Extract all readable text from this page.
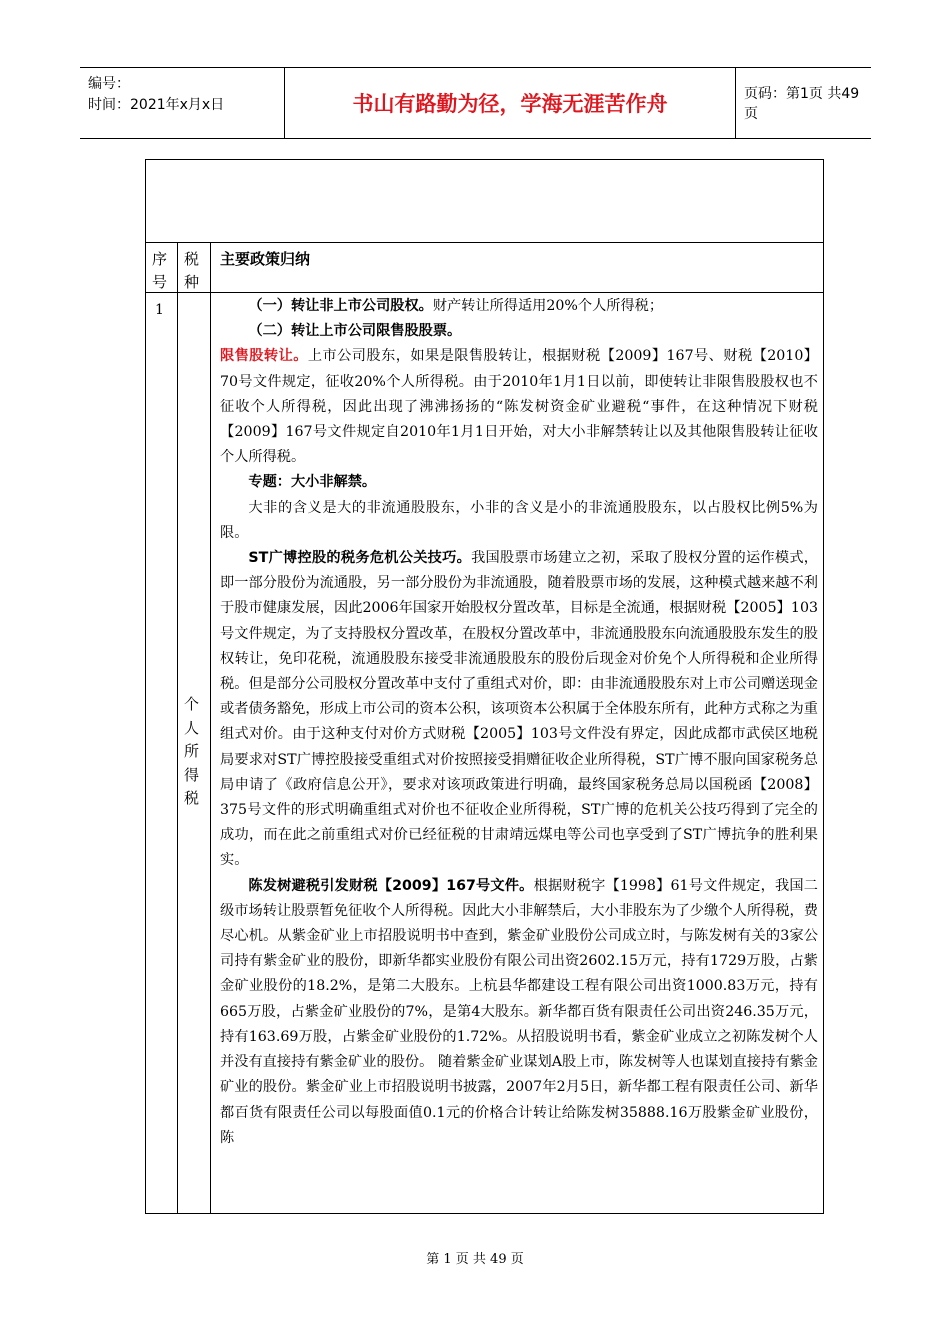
编号：
时间：2021年x月x日	书山有路勤为径，学海无涯苦作舟	页码：第1页 共49页
序号
税种
主要政策归纳
1
个人所得税

（一）转让非上市公司股权。财产转让所得适用20%个人所得税；

（二）转让上市公司限售股股票。

限售股转让。上市公司股东，如果是限售股转让，根据财税【2009】167号、财税【2010】70号文件规定，征收20%个人所得税。由于2010年1月1日以前，即使转让非限售股股权也不征收个人所得税，因此出现了沸沸扬扬的“陈发树资金矿业避税“事件，在这种情况下财税【2009】167号文件规定自2010年1月1日开始，对大小非解禁转让以及其他限售股转让征收个人所得税。

专题：大小非解禁。

大非的含义是大的非流通股股东，小非的含义是小的非流通股股东，以占股权比例5%为限。

ST广博控股的税务危机公关技巧。我国股票市场建立之初，采取了股权分置的运作模式，即一部分股份为流通股，另一部分股份为非流通股，随着股票市场的发展，这种模式越来越不利于股市健康发展，因此2006年国家开始股权分置改革，目标是全流通，根据财税【2005】103号文件规定，为了支持股权分置改革，在股权分置改革中，非流通股股东向流通股股东发生的股权转让，免印花税，流通股股东接受非流通股股东的股份后现金对价免个人所得税和企业所得税。但是部分公司股权分置改革中支付了重组式对价，即：由非流通股股东对上市公司赠送现金或者债务豁免，形成上市公司的资本公积，该项资本公积属于全体股东所有，此种方式称之为重组式对价。由于这种支付对价方式财税【2005】103号文件没有界定，因此成都市武侯区地税局要求对ST广博控股接受重组式对价按照接受捐赠征收企业所得税，ST广博不服向国家税务总局申请了《政府信息公开》，要求对该项政策进行明确，最终国家税务总局以国税函【2008】375号文件的形式明确重组式对价也不征收企业所得税，ST广博的危机关公技巧得到了完全的成功，而在此之前重组式对价已经征税的甘肃靖远煤电等公司也享受到了ST广博抗争的胜利果实。

陈发树避税引发财税【2009】167号文件。根据财税字【1998】61号文件规定，我国二级市场转让股票暂免征收个人所得税。因此大小非解禁后，大小非股东为了少缴个人所得税，费尽心机。从紫金矿业上市招股说明书中查到，紫金矿业股份公司成立时，与陈发树有关的3家公司持有紫金矿业的股份，即新华都实业股份有限公司出资2602.15万元，持有1729万股，占紫金矿业股份的18.2%，是第二大股东。上杭县华都建设工程有限公司出资1000.83万元，持有665万股，占紫金矿业股份的7%，是第4大股东。新华都百货有限责任公司出资246.35万元，持有163.69万股，占紫金矿业股份的1.72%。从招股说明书看，紫金矿业成立之初陈发树个人并没有直接持有紫金矿业的股份。 随着紫金矿业谋划A股上市，陈发树等人也谋划直接持有紫金矿业的股份。紫金矿业上市招股说明书披露，2007年2月5日，新华都工程有限责任公司、新华都百货有限责任公司以每股面值0.1元的价格合计转让给陈发树35888.16万股紫金矿业股份，陈

第 1 页 共 49 页
